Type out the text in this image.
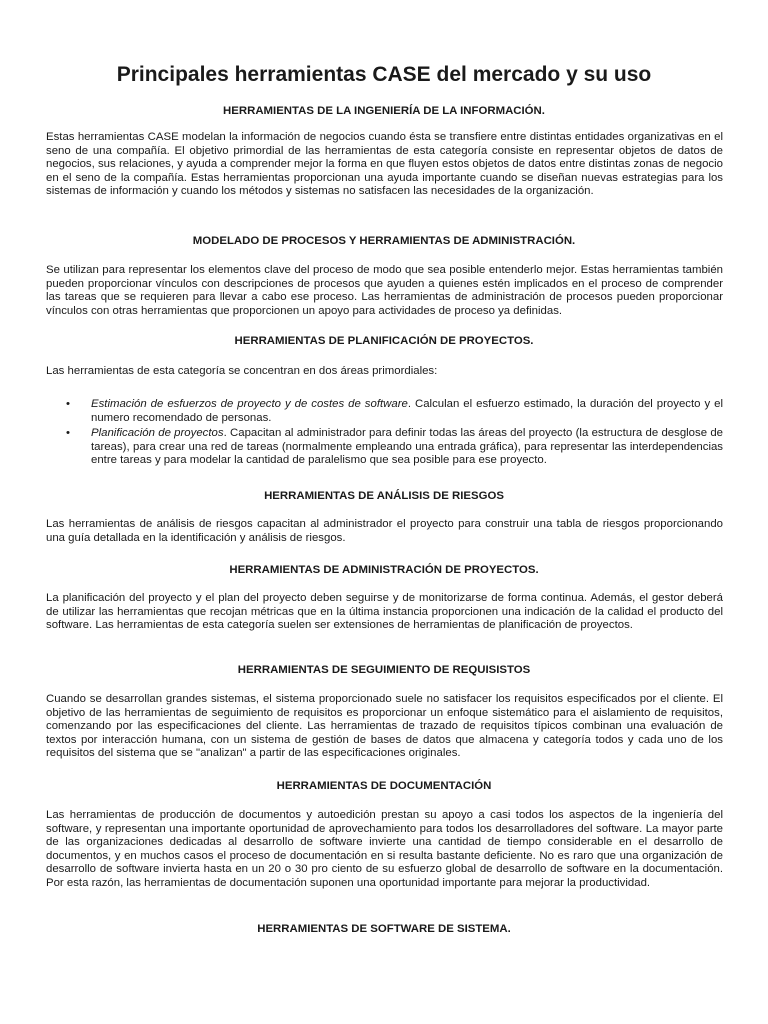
Principales herramientas CASE del mercado y su uso
HERRAMIENTAS DE LA INGENIERÍA DE LA INFORMACIÓN.

Estas herramientas CASE modelan la información de negocios cuando ésta se transfiere entre distintas entidades organizativas en el seno de una compañía. El objetivo primordial de las herramientas de esta categoría consiste en representar objetos de datos de negocios, sus relaciones, y ayuda a comprender mejor la forma en que fluyen estos objetos de datos entre distintas zonas de negocio en el seno de la compañía. Estas herramientas proporcionan una ayuda importante cuando se diseñan nuevas estrategias para los sistemas de información y cuando los métodos y sistemas no satisfacen las necesidades de la organización.

MODELADO DE PROCESOS Y HERRAMIENTAS DE ADMINISTRACIÓN.

Se utilizan para representar los elementos clave del proceso de modo que sea posible entenderlo mejor. Estas herramientas también pueden proporcionar vínculos con descripciones de procesos que ayuden a quienes estén implicados en el proceso de comprender las tareas que se requieren para llevar a cabo ese proceso. Las herramientas de administración de procesos pueden proporcionar vínculos con otras herramientas que proporcionen un apoyo para actividades de proceso ya definidas.

HERRAMIENTAS DE PLANIFICACIÓN DE PROYECTOS.

Las herramientas de esta categoría se concentran en dos áreas primordiales:

• Estimación de esfuerzos de proyecto y de costes de software. Calculan el esfuerzo estimado, la duración del proyecto y el numero recomendado de personas.
• Planificación de proyectos. Capacitan al administrador para definir todas las áreas del proyecto (la estructura de desglose de tareas), para crear una red de tareas (normalmente empleando una entrada gráfica), para representar las interdependencias entre tareas y para modelar la cantidad de paralelismo que sea posible para ese proyecto.
HERRAMIENTAS DE ANÁLISIS DE RIESGOS

Las herramientas de análisis de riesgos capacitan al administrador el proyecto para construir una tabla de riesgos proporcionando una guía detallada en la identificación y análisis de riesgos.

HERRAMIENTAS DE ADMINISTRACIÓN DE PROYECTOS.

La planificación del proyecto y el plan del proyecto deben seguirse y de monitorizarse de forma continua. Además, el gestor deberá de utilizar las herramientas que recojan métricas que en la última instancia proporcionen una indicación de la calidad el producto del software. Las herramientas de esta categoría suelen ser extensiones de herramientas de planificación de proyectos.

HERRAMIENTAS DE SEGUIMIENTO DE REQUISISTOS

Cuando se desarrollan grandes sistemas, el sistema proporcionado suele no satisfacer los requisitos especificados por el cliente. El objetivo de las herramientas de seguimiento de requisitos es proporcionar un enfoque sistemático para el aislamiento de requisitos, comenzando por las especificaciones del cliente. Las herramientas de trazado de requisitos típicos combinan una evaluación de textos por interacción humana, con un sistema de gestión de bases de datos que almacena y categoría todos y cada uno de los requisitos del sistema que se "analizan" a partir de las especificaciones originales.

HERRAMIENTAS DE DOCUMENTACIÓN

Las herramientas de producción de documentos y autoedición prestan su apoyo a casi todos los aspectos de la ingeniería del software, y representan una importante oportunidad de aprovechamiento para todos los desarrolladores del software. La mayor parte de las organizaciones dedicadas al desarrollo de software invierte una cantidad de tiempo considerable en el desarrollo de documentos, y en muchos casos el proceso de documentación en si resulta bastante deficiente. No es raro que una organización de desarrollo de software invierta hasta en un 20 o 30 pro ciento de su esfuerzo global de desarrollo de software en la documentación. Por esta razón, las herramientas de documentación suponen una oportunidad importante para mejorar la productividad.

HERRAMIENTAS DE SOFTWARE DE SISTEMA.
